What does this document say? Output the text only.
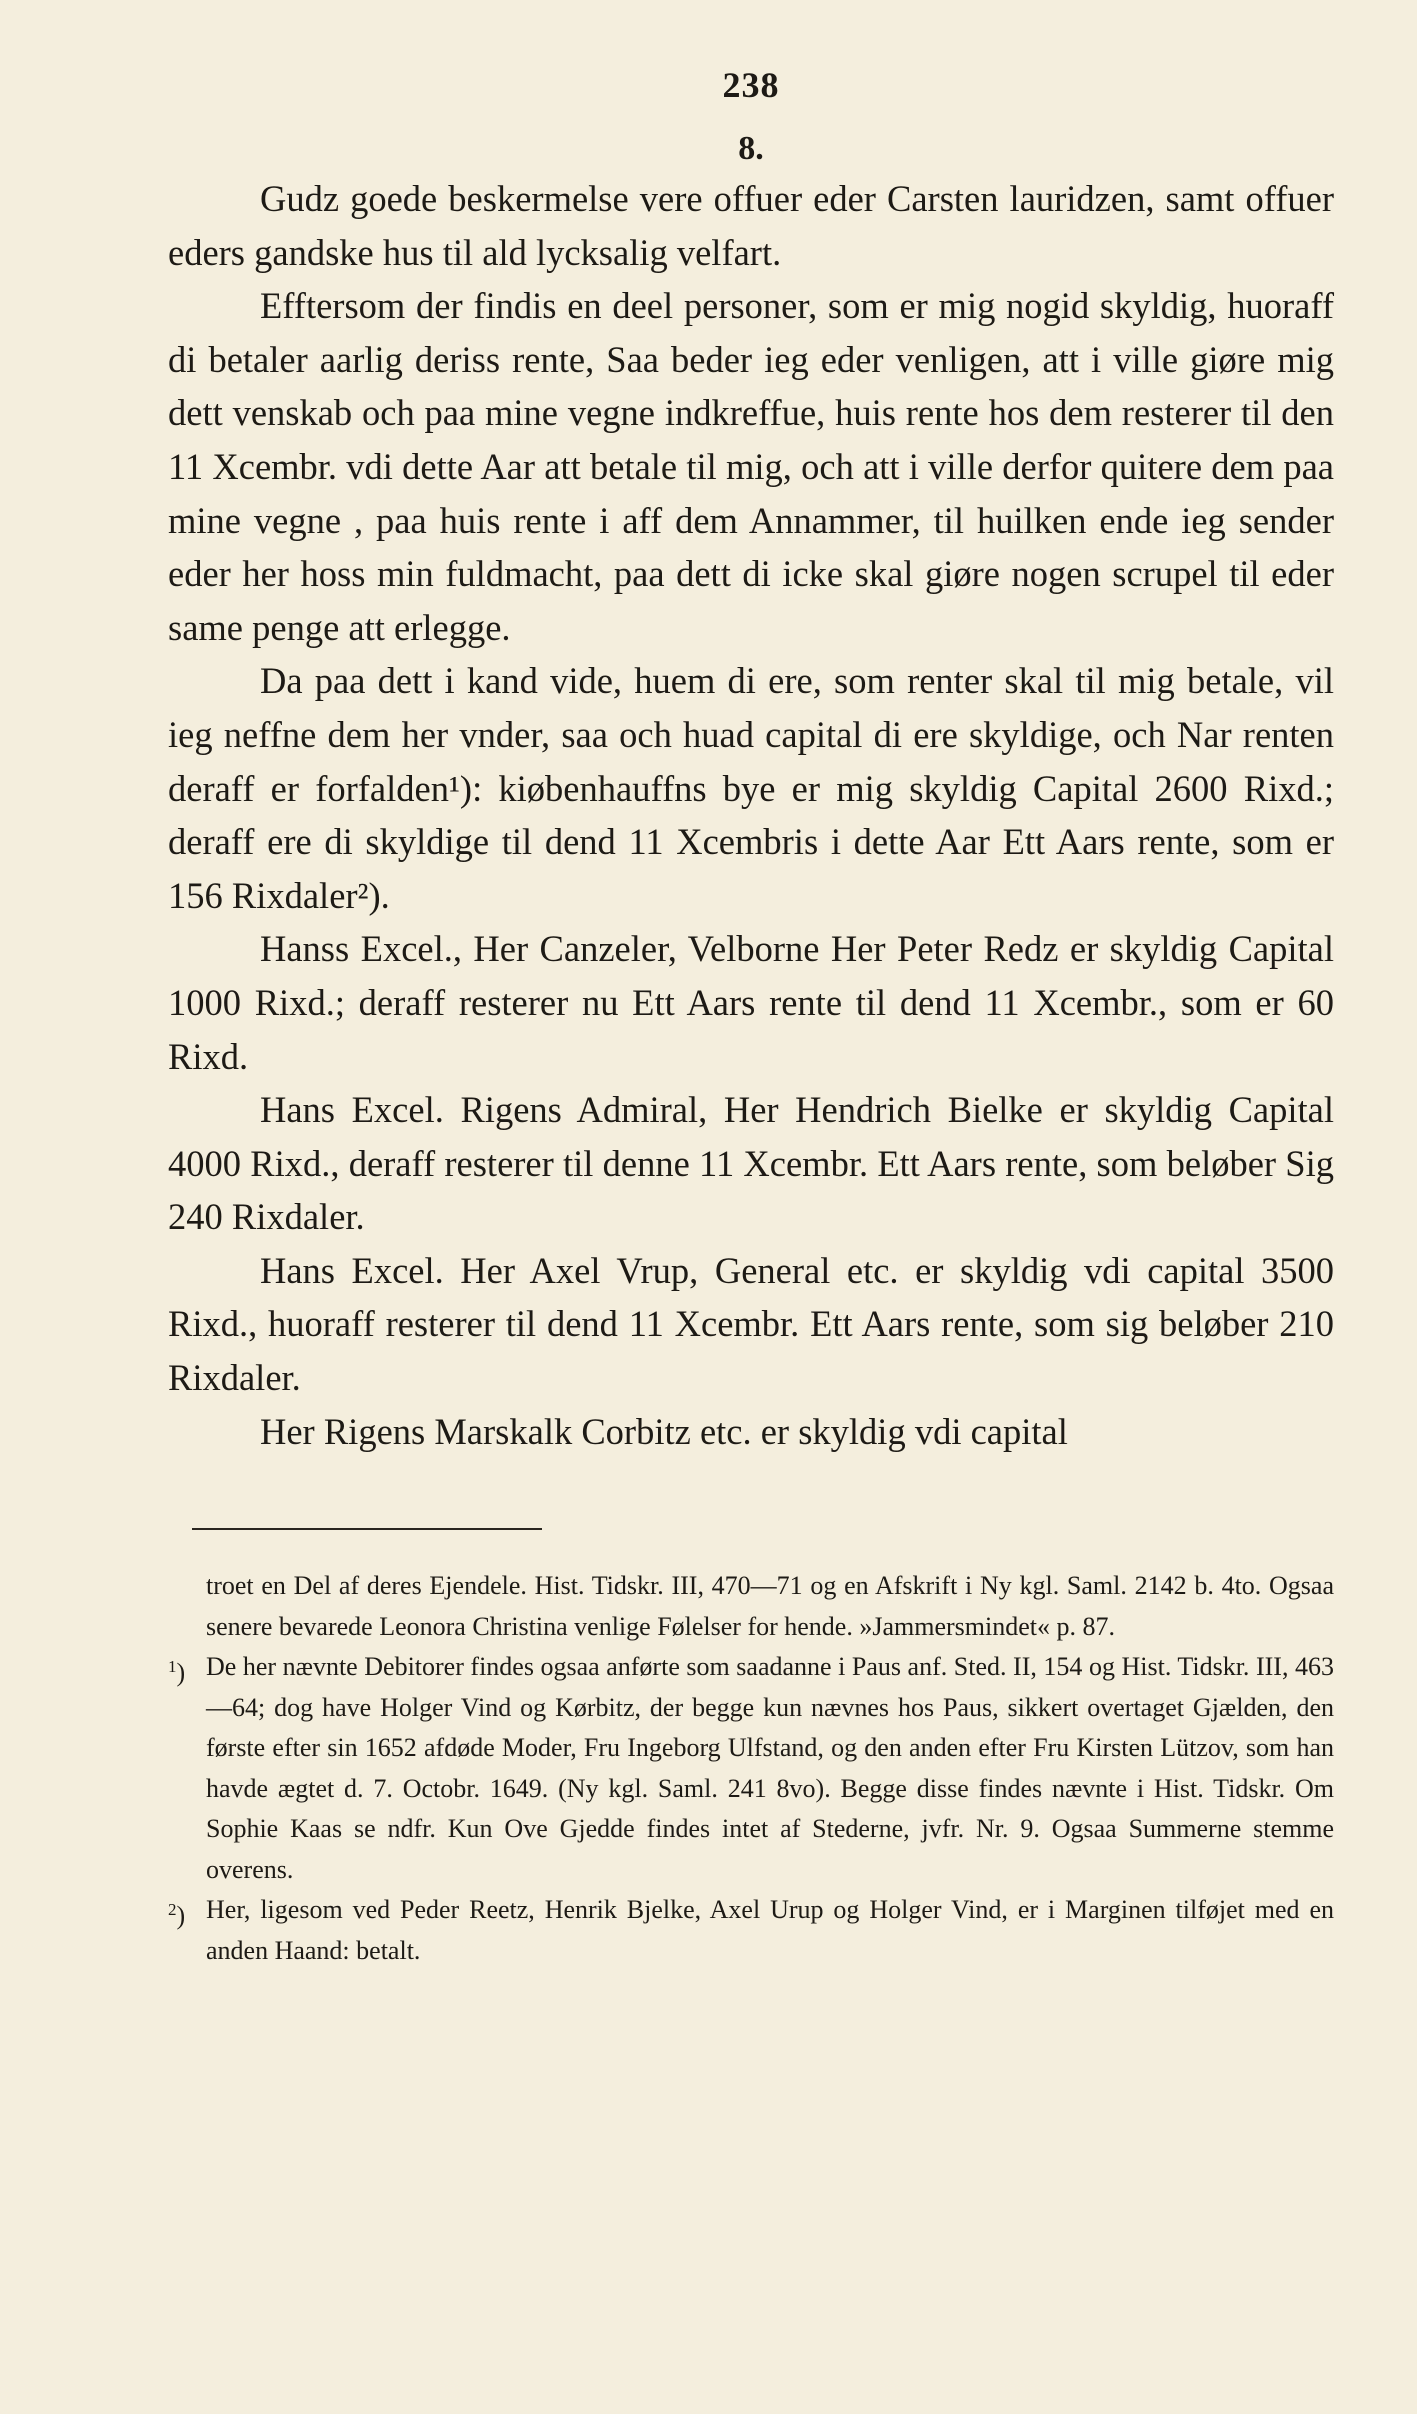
238
8.

Gudz goede beskermelse vere offuer eder Carsten lauridzen, samt offuer eders gandske hus til ald lycksalig velfart.

Efftersom der findis en deel personer, som er mig nogid skyldig, huoraff di betaler aarlig deriss rente, Saa beder ieg eder venligen, att i ville giøre mig dett venskab och paa mine vegne indkreffue, huis rente hos dem resterer til den 11 Xcembr. vdi dette Aar att betale til mig, och att i ville derfor quitere dem paa mine vegne , paa huis rente i aff dem Annammer, til huilken ende ieg sender eder her hoss min fuldmacht, paa dett di icke skal giøre nogen scrupel til eder same penge att erlegge.

Da paa dett i kand vide, huem di ere, som renter skal til mig betale, vil ieg neffne dem her vnder, saa och huad capital di ere skyldige, och Nar renten deraff er forfalden¹): kiøbenhauffns bye er mig skyldig Capital 2600 Rixd.; deraff ere di skyldige til dend 11 Xcembris i dette Aar Ett Aars rente, som er 156 Rixdaler²).

Hanss Excel., Her Canzeler, Velborne Her Peter Redz er skyldig Capital 1000 Rixd.; deraff resterer nu Ett Aars rente til dend 11 Xcembr., som er 60 Rixd.

Hans Excel. Rigens Admiral, Her Hendrich Bielke er skyldig Capital 4000 Rixd., deraff resterer til denne 11 Xcembr. Ett Aars rente, som beløber Sig 240 Rixdaler.

Hans Excel. Her Axel Vrup, General etc. er skyldig vdi capital 3500 Rixd., huoraff resterer til dend 11 Xcembr. Ett Aars rente, som sig beløber 210 Rixdaler.

Her Rigens Marskalk Corbitz etc. er skyldig vdi capital

troet en Del af deres Ejendele. Hist. Tidskr. III, 470—71 og en Afskrift i Ny kgl. Saml. 2142 b. 4to. Ogsaa senere bevarede Leonora Christina venlige Følelser for hende. »Jammersmindet« p. 87.

$^1$) De her nævnte Debitorer findes ogsaa anførte som saadanne i Paus anf. Sted. II, 154 og Hist. Tidskr. III, 463—64; dog have Holger Vind og Kørbitz, der begge kun nævnes hos Paus, sikkert overtaget Gjælden, den første efter sin 1652 afdøde Moder, Fru Ingeborg Ulfstand, og den anden efter Fru Kirsten Lützov, som han havde ægtet d. 7. Octobr. 1649. (Ny kgl. Saml. 241 8vo). Begge disse findes nævnte i Hist. Tidskr. Om Sophie Kaas se ndfr. Kun Ove Gjedde findes intet af Stederne, jvfr. Nr. 9. Ogsaa Summerne stemme overens.

$^2$) Her, ligesom ved Peder Reetz, Henrik Bjelke, Axel Urup og Holger Vind, er i Marginen tilføjet med en anden Haand: betalt.
